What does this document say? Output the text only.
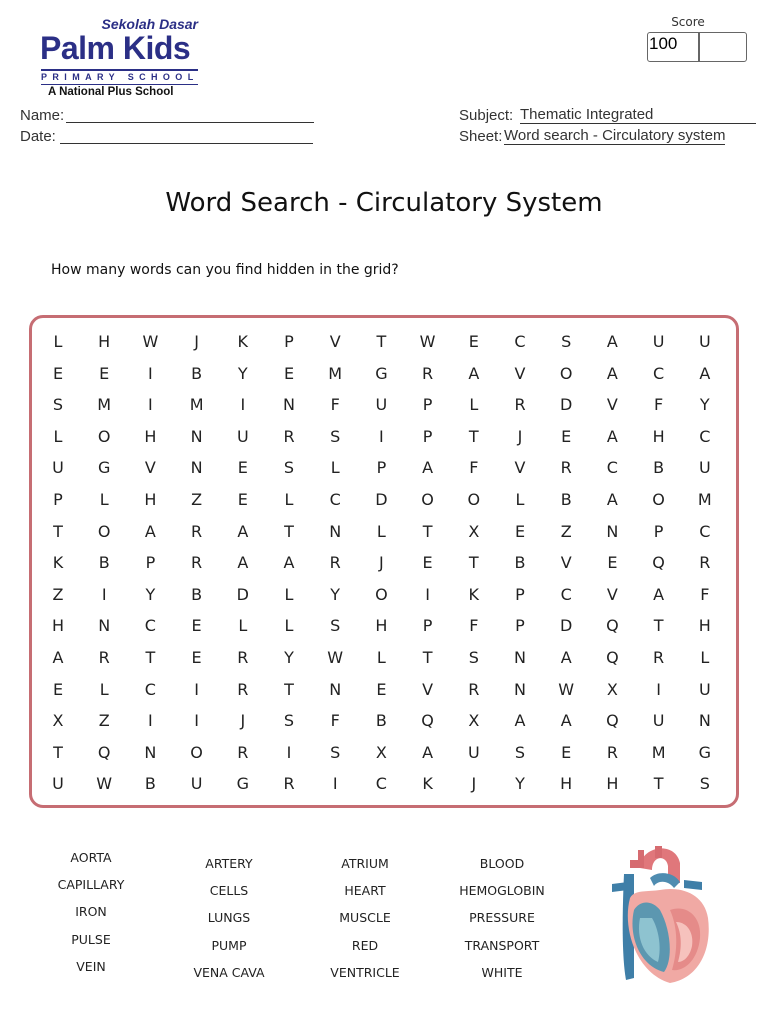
Sekolah Dasar
Palm Kids
PRIMARY SCHOOL
A National Plus School
Score
100
Name:
Date:
Subject: Thematic Integrated
Sheet: Word search - Circulatory system
Word Search - Circulatory System
How many words can you find hidden in the grid?
L	H	W	J	K	P	V	T	W	E	C	S	A	U	U
E	E	I	B	Y	E	M	G	R	A	V	O	A	C	A
S	M	I	M	I	N	F	U	P	L	R	D	V	F	Y
L	O	H	N	U	R	S	I	P	T	J	E	A	H	C
U	G	V	N	E	S	L	P	A	F	V	R	C	B	U
P	L	H	Z	E	L	C	D	O	O	L	B	A	O	M
T	O	A	R	A	T	N	L	T	X	E	Z	N	P	C
K	B	P	R	A	A	R	J	E	T	B	V	E	Q	R
Z	I	Y	B	D	L	Y	O	I	K	P	C	V	A	F
H	N	C	E	L	L	S	H	P	F	P	D	Q	T	H
A	R	T	E	R	Y	W	L	T	S	N	A	Q	R	L
E	L	C	I	R	T	N	E	V	R	N	W	X	I	U
X	Z	I	I	J	S	F	B	Q	X	A	A	Q	U	N
T	Q	N	O	R	I	S	X	A	U	S	E	R	M	G
U	W	B	U	G	R	I	C	K	J	Y	H	H	T	S
AORTA
CAPILLARY
IRON
PULSE
VEIN
ARTERY
CELLS
LUNGS
PUMP
VENA CAVA
ATRIUM
HEART
MUSCLE
RED
VENTRICLE
BLOOD
HEMOGLOBIN
PRESSURE
TRANSPORT
WHITE
